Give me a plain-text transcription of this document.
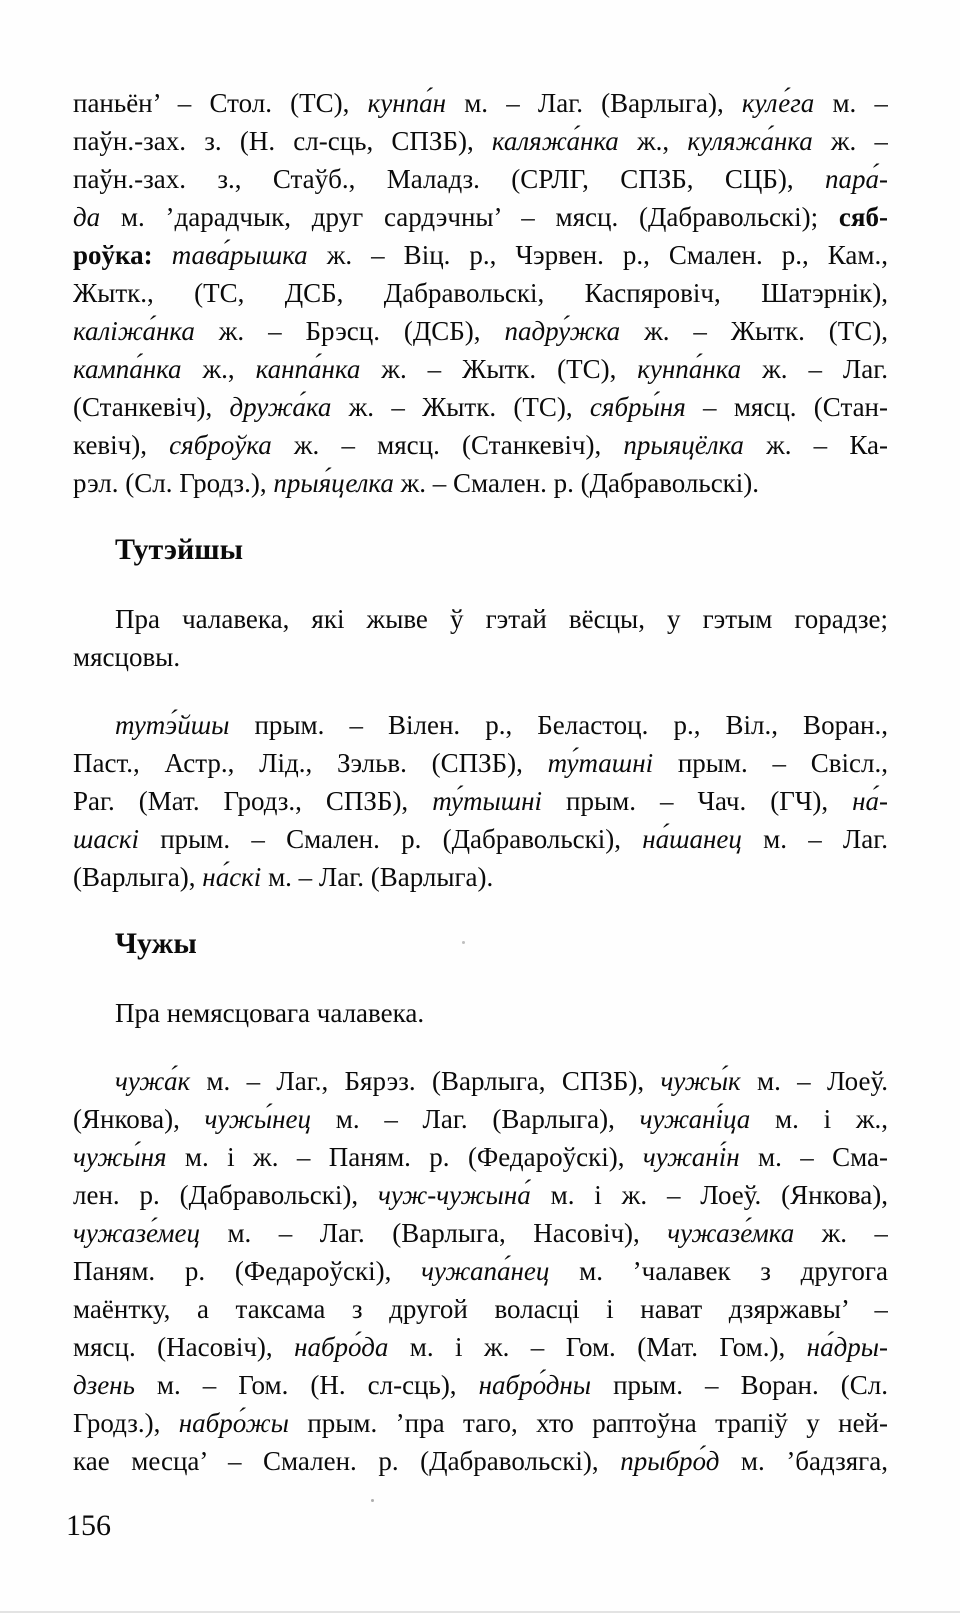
паньён’ – Стол. (ТС), кунпа́н м. – Лаг. (Варлыга), куле́га м. –
паўн.-зах. з. (Н. сл-сць, СПЗБ), каляжа́нка ж., куляжа́нка ж. –
паўн.-зах. з., Стаўб., Маладз. (СРЛГ, СПЗБ, СЦБ), пара́-
да м. ’дарадчык, друг сардэчны’ – мясц. (Дабравольскі); сяб-
роўка: тава́рышка ж. – Віц. р., Чэрвен. р., Смален. р., Кам.,
Жытк., (ТС, ДСБ, Дабравольскі, Каспяровіч, Шатэрнік),
каліжа́нка ж. – Брэсц. (ДСБ), падру́жка ж. – Жытк. (ТС),
кампа́нка ж., канпа́нка ж. – Жытк. (ТС), кунпа́нка ж. – Лаг.
(Станкевіч), дружа́ка ж. – Жытк. (ТС), сябры́ня – мясц. (Стан-
кевіч), сяброўка ж. – мясц. (Станкевіч), прыяцёлка ж. – Ка-
рэл. (Сл. Гродз.), прыя́целка ж. – Смален. р. (Дабравольскі).
Тутэйшы
Пра чалавека, які жыве ў гэтай вёсцы, у гэтым горадзе;
мясцовы.
тутэ́йшы прым. – Вілен. р., Беластоц. р., Віл., Воран.,
Паст., Астр., Лід., Зэльв. (СПЗБ), ту́ташні прым. – Свісл.,
Раг. (Мат. Гродз., СПЗБ), ту́тышні прым. – Чач. (ГЧ), на́-
шаскі прым. – Смален. р. (Дабравольскі), на́шанец м. – Лаг.
(Варлыга), на́скі м. – Лаг. (Варлыга).
Чужы
Пра немясцовага чалавека.
чужа́к м. – Лаг., Бярэз. (Варлыга, СПЗБ), чужы́к м. – Лоеў.
(Янкова), чужы́нец м. – Лаг. (Варлыга), чужані́ца м. і ж.,
чужы́ня м. і ж. – Паням. р. (Федароўскі), чужані́н м. – Сма-
лен. р. (Дабравольскі), чуж-чужына́ м. і ж. – Лоеў. (Янкова),
чужазе́мец м. – Лаг. (Варлыга, Насовіч), чужазе́мка ж. –
Паням. р. (Федароўскі), чужапа́нец м. ’чалавек з другога
маёнтку, а таксама з другой воласці і нават дзяржавы’ –
мясц. (Насовіч), набро́да м. і ж. – Гом. (Мат. Гом.), на́дры-
дзень м. – Гом. (Н. сл-сць), набро́дны прым. – Воран. (Сл.
Гродз.), набро́жы прым. ’пра таго, хто раптоўна трапіў у ней-
кае месца’ – Смален. р. (Дабравольскі), прыбро́д м. ’бадзяга,
156
